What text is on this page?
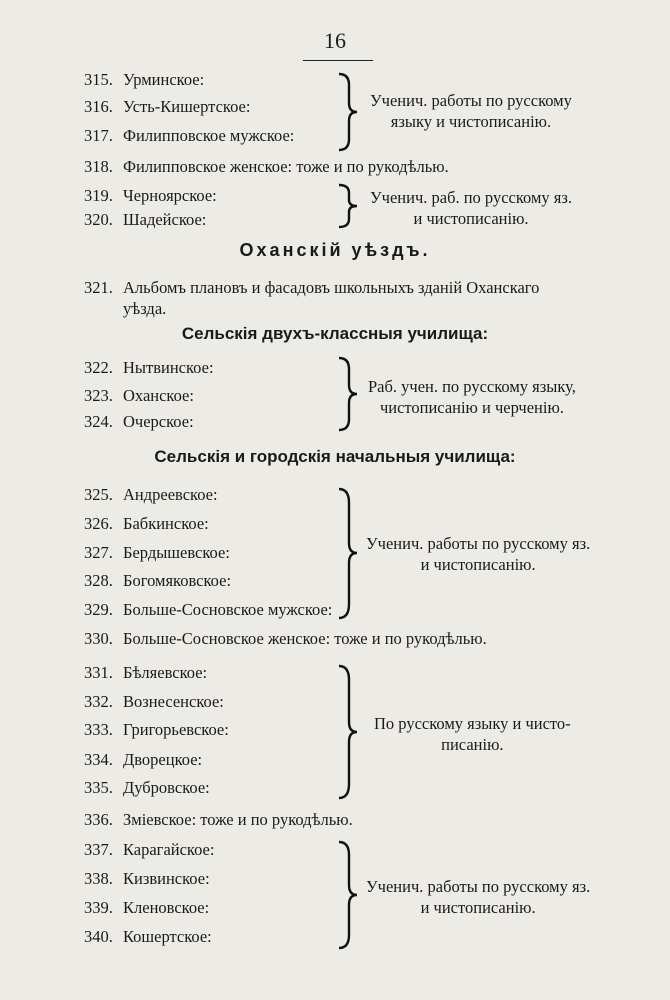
16
315. Урминское:
316. Усть-Кишертское:
317. Филипповское мужское:
Ученич. работы по русскому
языку и чистописанію.
318. Филипповское женское: тоже и по рукодѣлью.
319. Черноярское:
320. Шадейское:
Ученич. раб. по русскому яз.
и чистописанію.
Оханскій уѣздъ.
321. Альбомъ плановъ и фасадовъ школьныхъ зданій Оханскаго
уѣзда.
Сельскія двухъ-классныя училища:
322. Нытвинское:
323. Оханское:
324. Очерское:
Раб. учен. по русскому языку,
чистописанію и черченію.
Сельскія и городскія начальныя училища:
325. Андреевское:
326. Бабкинское:
327. Бердышевское:
328. Богомяковское:
329. Больше-Сосновское мужское:
Ученич. работы по русскому яз.
и чистописанію.
330. Больше-Сосновское женское: тоже и по рукодѣлью.
331. Бѣляевское:
332. Вознесенское:
333. Григорьевское:
334. Дворецкое:
335. Дубровское:
По русскому языку и чисто-
писанію.
336. Зміевское: тоже и по рукодѣлью.
337. Карагайское:
338. Кизвинское:
339. Кленовское:
340. Кошертское:
Ученич. работы по русскому яз.
и чистописанію.
